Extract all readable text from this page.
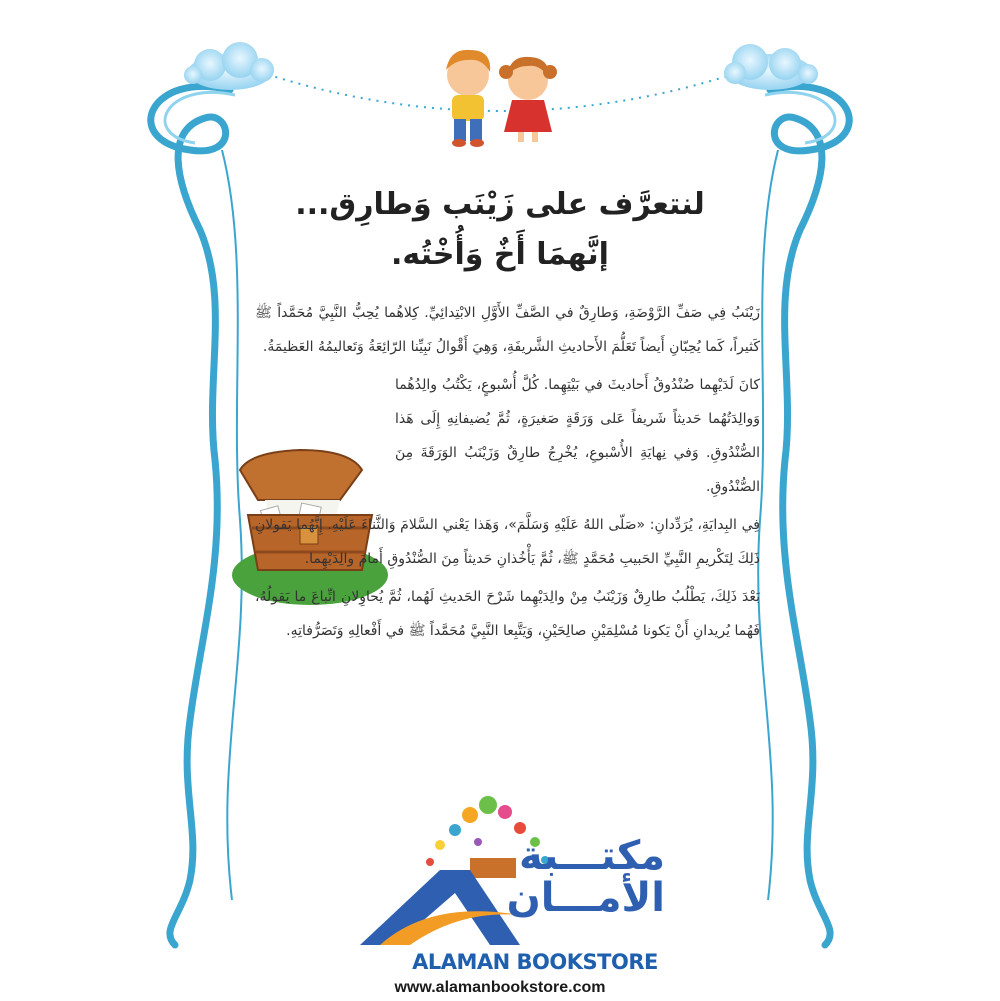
لنتعرَّف على زَيْنَب وَطارِق...

إنَّهمَا أَخٌ وَأُخْتُه.

زَيْنَبُ فِي صَفِّ الرَّوْضَةِ، وَطارِقٌ في الصَّفِّ الأَوَّلِ الابْتِدائِيِّ. كِلاهُما يُحِبُّ النَّبِيَّ مُحَمَّداً ﷺ كَثيراً، كَما يُحِبّانِ أَيضاً تَعَلُّمَ الأَحاديثِ الشَّريفَةِ، وَهِيَ أَقْوالُ نَبِيِّنا الرّائِعَةُ وَتَعاليمُهُ العَظيمَةُ.

كانَ لَدَيْهِما صُنْدُوقُ أَحاديثَ في بَيْتِهِما. كُلَّ أُسْبوعٍ، يَكْتُبُ والِدُهُما وَوالِدَتُهُما حَديثاً شَريفاً عَلى وَرَقَةٍ صَغيرَةٍ، ثُمَّ يُضيفانِهِ إِلَى هَذا الصُّنْدُوقِ. وَفي نِهايَةِ الأُسْبوعِ، يُخْرِجُ طارِقٌ وَزَيْنَبُ الوَرَقَةَ مِنَ الصُّنْدُوقِ.

فِي البِدايَةِ، يُرَدِّدانِ: «صَلّى اللهُ عَلَيْهِ وَسَلَّمَ»، وَهَذا يَعْني السَّلامَ وَالثَّناءَ عَلَيْهِ. إِنَّهُما يَقولانِ ذَلِكَ لِتَكْريمِ النَّبِيِّ الحَبيبِ مُحَمَّدٍ ﷺ، ثُمَّ يَأْخُذانِ حَديثاً مِنَ الصُّنْدُوقِ أَمامَ والِدَيْهِما.

بَعْدَ ذَلِكَ، يَطْلُبُ طارِقٌ وَزَيْنَبُ مِنْ والِدَيْهِما شَرْحَ الحَديثِ لَهُما، ثُمَّ يُحاوِلانِ اتِّباعَ ما يَقولُهُ، فَهُما يُريدانِ أَنْ يَكونا مُسْلِمَيْنِ صالِحَيْنِ، وَيَتَّبِعا النَّبِيَّ مُحَمَّداً ﷺ في أَفْعالِهِ وَتَصَرُّفاتِهِ.

مكتـــبة
الأمـــان
ALAMAN BOOKSTORE
www.alamanbookstore.com
